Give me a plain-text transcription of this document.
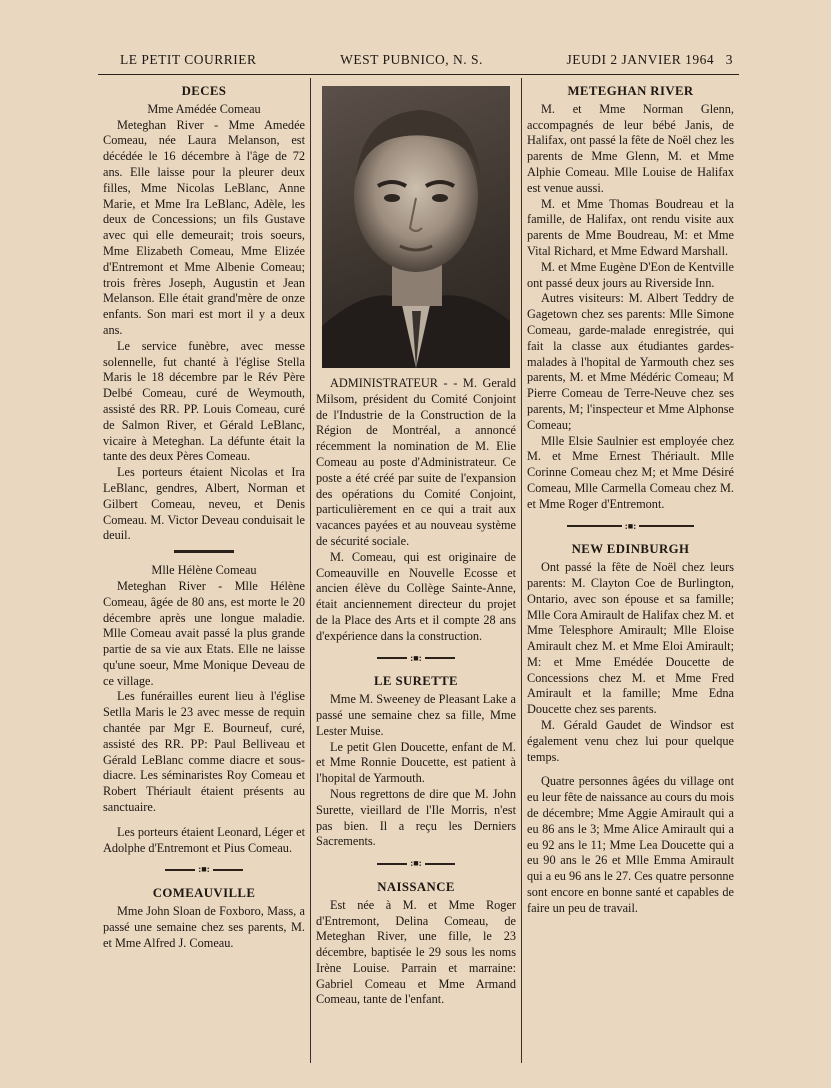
LE PETIT COURRIER	WEST PUBNICO, N. S.	JEUDI 2 JANVIER 1964 3
DECES
Mme Amédée Comeau

Meteghan River - Mme Amedée Comeau, née Laura Melanson, est décédée le 16 décembre à l'âge de 72 ans. Elle laisse pour la pleurer deux filles, Mme Nicolas LeBlanc, Anne Marie, et Mme Ira LeBlanc, Adèle, les deux de Concessions; un fils Gustave avec qui elle demeurait; trois soeurs, Mme Elizabeth Comeau, Mme Elizée d'Entremont et Mme Albenie Comeau; trois frères Joseph, Augustin et Jean Melanson. Elle était grand'mère de onze enfants. Son mari est mort il y a deux ans.

Le service funèbre, avec messe solennelle, fut chanté à l'église Stella Maris le 18 décembre par le Rév Père Delbé Comeau, curé de Weymouth, assisté des RR. PP. Louis Comeau, curé de Salmon River, et Gérald LeBlanc, vicaire à Meteghan. La défunte était la tante des deux Pères Comeau.

Les porteurs étaient Nicolas et Ira LeBlanc, gendres, Albert, Norman et Gilbert Comeau, neveu, et Denis Comeau. M. Victor Deveau conduisait le deuil.

Mlle Hélène Comeau

Meteghan River - Mlle Hélène Comeau, âgée de 80 ans, est morte le 20 décembre après une longue maladie. Mlle Comeau avait passé la plus grande partie de sa vie aux Etats. Elle ne laisse qu'une soeur, Mme Monique Deveau de ce village.

Les funérailles eurent lieu à l'église Setlla Maris le 23 avec messe de requin chantée par Mgr E. Bourneuf, curé, assisté des RR. PP: Paul Belliveau et Gérald LeBlanc comme diacre et sous-diacre. Les séminaristes Roy Comeau et Robert Thériault étaient présents au sanctuaire.

Les porteurs étaient Leonard, Léger et Adolphe d'Entremont et Pius Comeau.

:■:
COMEAUVILLE

Mme John Sloan de Foxboro, Mass, a passé une semaine chez ses parents, M. et Mme Alfred J. Comeau.

ADMINISTRATEUR - - M. Gerald Milsom, président du Comité Conjoint de l'Industrie de la Construction de la Région de Montréal, a annoncé récemment la nomination de M. Elie Comeau au poste d'Administrateur. Ce poste a été créé par suite de l'expansion des opérations du Comité Conjoint, particulièrement en ce qui a trait aux vacances payées et au nouveau système de sécurité sociale.

M. Comeau, qui est originaire de Comeauville en Nouvelle Ecosse et ancien élève du Collège Sainte-Anne, était anciennement directeur du projet de la Place des Arts et il compte 28 ans d'expérience dans la construction.

:■:
LE SURETTE

Mme M. Sweeney de Pleasant Lake a passé une semaine chez sa fille, Mme Lester Muise.

Le petit Glen Doucette, enfant de M. et Mme Ronnie Doucette, est patient à l'hopital de Yarmouth.

Nous regrettons de dire que M. John Surette, vieillard de l'Ile Morris, n'est pas bien. Il a reçu les Derniers Sacrements.

:■:
NAISSANCE

Est née à M. et Mme Roger d'Entremont, Delina Comeau, de Meteghan River, une fille, le 23 décembre, baptisée le 29 sous les noms Irène Louise. Parrain et marraine: Gabriel Comeau et Mme Armand Comeau, tante de l'enfant.

METEGHAN RIVER

M. et Mme Norman Glenn, accompagnés de leur bébé Janis, de Halifax, ont passé la fête de Noël chez les parents de Mme Glenn, M. et Mme Alphie Comeau. Mlle Louise de Halifax est venue aussi.

M. et Mme Thomas Boudreau et la famille, de Halifax, ont rendu visite aux parents de Mme Boudreau, M: et Mme Vital Richard, et Mme Edward Marshall.

M. et Mme Eugène D'Eon de Kentville ont passé deux jours au Riverside Inn.

Autres visiteurs: M. Albert Teddry de Gagetown chez ses parents: Mlle Simone Comeau, garde-malade enregistrée, qui fait la classe aux étudiantes gardes-malades à l'hopital de Yarmouth chez ses parents, M. et Mme Médéric Comeau; M Pierre Comeau de Terre-Neuve chez ses parents, M; l'inspecteur et Mme Alphonse Comeau;

Mlle Elsie Saulnier est employée chez M. et Mme Ernest Thériault. Mlle Corinne Comeau chez M; et Mme Désiré Comeau, Mlle Carmella Comeau chez M. et Mme Roger d'Entremont.

:■:
NEW EDINBURGH

Ont passé la fête de Noël chez leurs parents: M. Clayton Coe de Burlington, Ontario, avec son épouse et sa famille; Mlle Cora Amirault de Halifax chez M. et Mme Telesphore Amirault; Mlle Eloise Amirault chez M. et Mme Eloi Amirault; M: et Mme Emédée Doucette de Concessions chez M. et Mme Fred Amirault et la famille; Mme Edna Doucette chez ses parents.

M. Gérald Gaudet de Windsor est également venu chez lui pour quelque temps.

Quatre personnes âgées du village ont eu leur fête de naissance au cours du mois de décembre; Mme Aggie Amirault qui a eu 86 ans le 3; Mme Alice Amirault qui a eu 92 ans le 11; Mme Lea Doucette qui a eu 90 ans le 26 et Mlle Emma Amirault qui a eu 96 ans le 27. Ces quatre personne sont encore en bonne santé et capables de faire un peu de travail.
